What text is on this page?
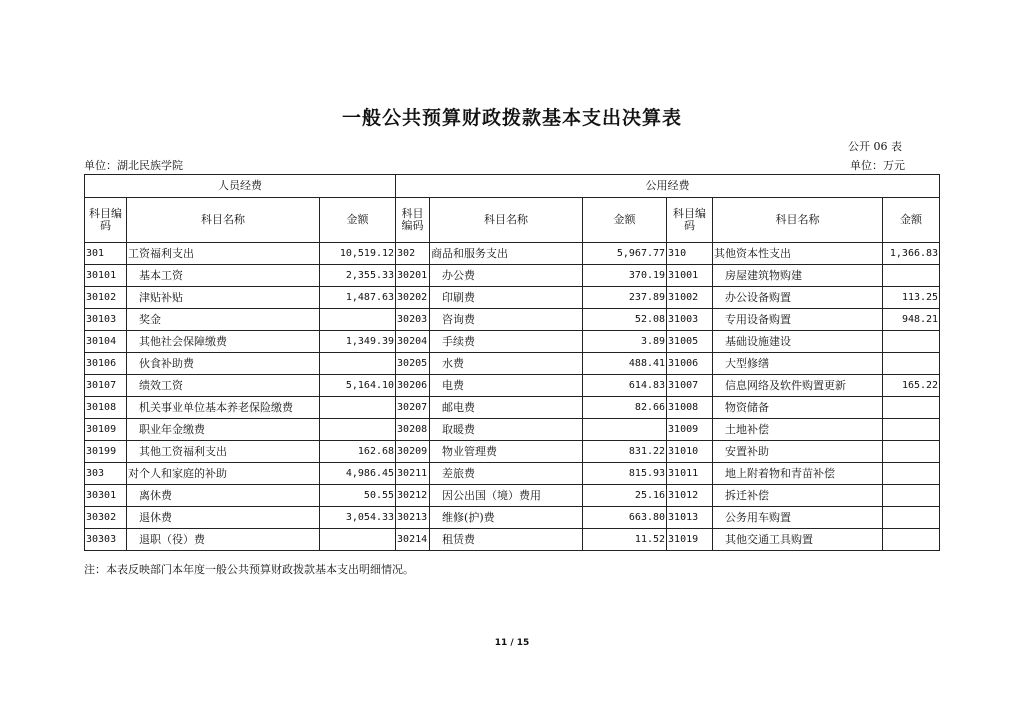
一般公共预算财政拨款基本支出决算表
公开 06 表
单位：湖北民族学院	单位：万元
人员经费			公用经费					
科目编码	科目名称	金额	科目编码	科目名称	金额	科目编码	科目名称	金额
301	工资福利支出	10,519.12	302	商品和服务支出	5,967.77	310	其他资本性支出	1,366.83
30101	基本工资	2,355.33	30201	办公费	370.19	31001	房屋建筑物购建	
30102	津贴补贴	1,487.63	30202	印刷费	237.89	31002	办公设备购置	113.25
30103	奖金		30203	咨询费	52.08	31003	专用设备购置	948.21
30104	其他社会保障缴费	1,349.39	30204	手续费	3.89	31005	基础设施建设	
30106	伙食补助费		30205	水费	488.41	31006	大型修缮	
30107	绩效工资	5,164.10	30206	电费	614.83	31007	信息网络及软件购置更新	165.22
30108	机关事业单位基本养老保险缴费		30207	邮电费	82.66	31008	物资储备	
30109	职业年金缴费		30208	取暖费		31009	土地补偿	
30199	其他工资福利支出	162.68	30209	物业管理费	831.22	31010	安置补助	
303	对个人和家庭的补助	4,986.45	30211	差旅费	815.93	31011	地上附着物和青苗补偿	
30301	离休费	50.55	30212	因公出国（境）费用	25.16	31012	拆迁补偿	
30302	退休费	3,054.33	30213	维修(护)费	663.80	31013	公务用车购置	
30303	退职（役）费		30214	租赁费	11.52	31019	其他交通工具购置	
注：本表反映部门本年度一般公共预算财政拨款基本支出明细情况。
11 / 15
